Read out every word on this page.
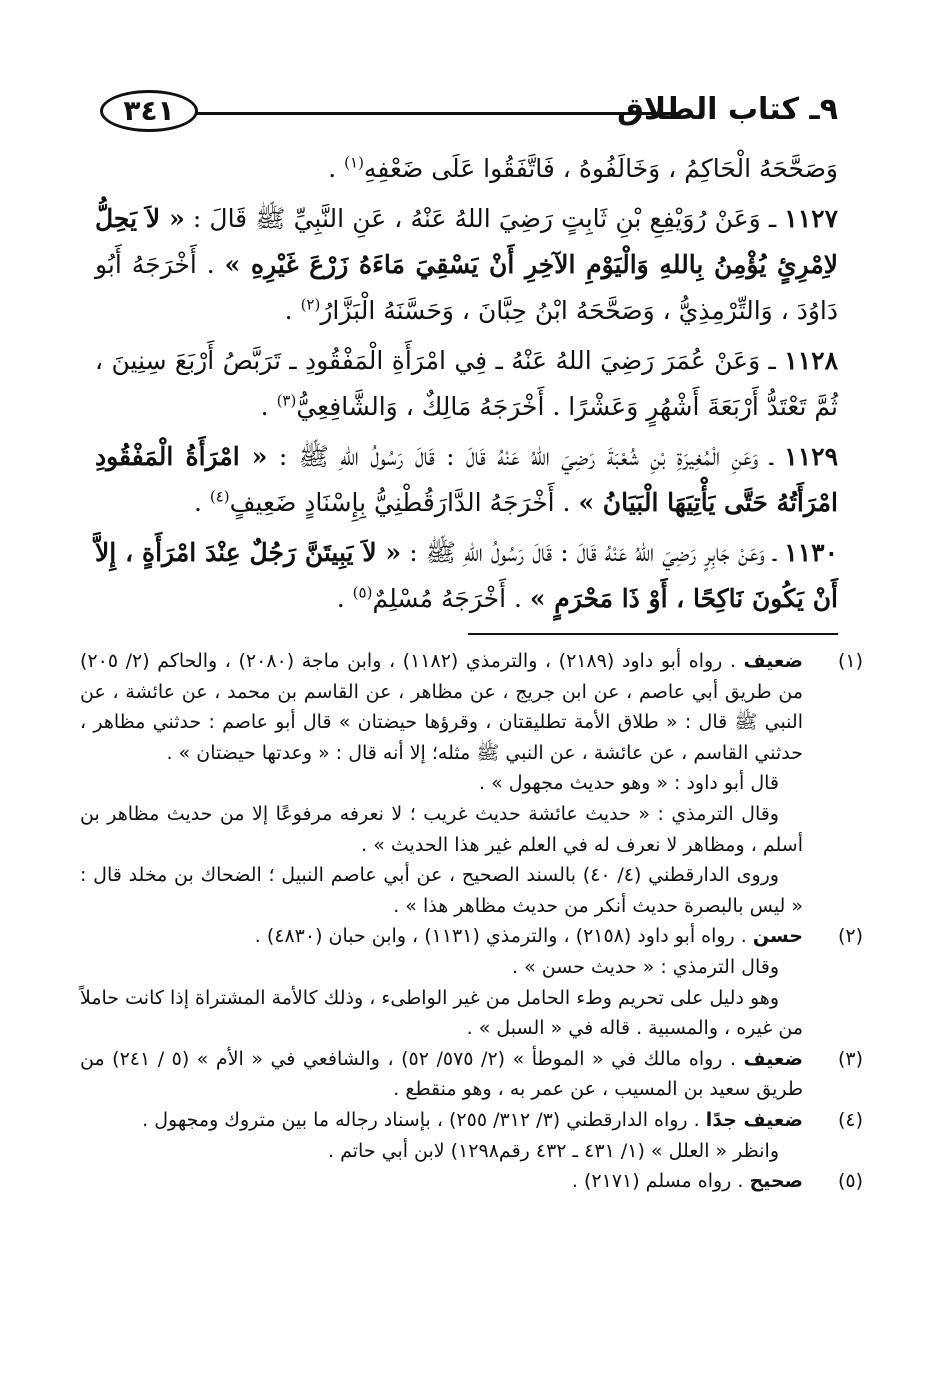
٩ـ كتاب الطلاق
٣٤١

وَصَحَّحَهُ الْحَاكِمُ ، وَخَالَفُوهُ ، فَاتَّفَقُوا عَلَى ضَعْفِهِ$^{(١)}$ .

١١٢٧ ـ وَعَنْ رُوَيْفِعِ بْنِ ثَابِتٍ رَضِيَ اللهُ عَنْهُ ، عَنِ النَّبِيِّ ﷺ قَالَ : « لاَ يَحِلُّ لاِمْرِئٍ يُؤْمِنُ بِاللهِ وَالْيَوْمِ الآخِرِ أَنْ يَسْقِيَ مَاءَهُ زَرْعَ غَيْرِهِ » . أَخْرَجَهُ أَبُو دَاوُدَ ، وَالتِّرْمِذِيُّ ، وَصَحَّحَهُ ابْنُ حِبَّانَ ، وَحَسَّنَهُ الْبَزَّارُ$^{(٢)}$ .

١١٢٨ ـ وَعَنْ عُمَرَ رَضِيَ اللهُ عَنْهُ ـ فِي امْرَأَةِ الْمَفْقُودِ ـ تَرَبَّصُ أَرْبَعَ سِنِينَ ، ثُمَّ تَعْتَدُّ أَرْبَعَةَ أَشْهُرٍ وَعَشْرًا . أَخْرَجَهُ مَالِكٌ ، وَالشَّافِعِيُّ$^{(٣)}$ .

١١٢٩ ـ وَعَنِ الْمُغِيرَةِ بْنِ شُعْبَةَ رَضِيَ اللهُ عَنْهُ قَالَ : قَالَ رَسُولُ اللهِ ﷺ : « امْرَأَةُ الْمَفْقُودِ امْرَأَتُهُ حَتَّى يَأْتِيَهَا الْبَيَانُ » . أَخْرَجَهُ الدَّارَقُطْنِيُّ بِإِسْنَادٍ ضَعِيفٍ$^{(٤)}$ .

١١٣٠ ـ وَعَنْ جَابِرٍ رَضِيَ اللهُ عَنْهُ قَالَ : قَالَ رَسُولُ اللهِ ﷺ : « لاَ يَبِيتَنَّ رَجُلٌ عِنْدَ امْرَأَةٍ ، إِلاَّ أَنْ يَكُونَ نَاكِحًا ، أَوْ ذَا مَحْرَمٍ » . أَخْرَجَهُ مُسْلِمٌ$^{(٥)}$ .

(١)

ضعيف . رواه أبو داود (٢١٨٩) ، والترمذي (١١٨٢) ، وابن ماجة (٢٠٨٠) ، والحاكم (٢/ ٢٠٥) من طريق أبي عاصم ، عن ابن جريج ، عن مظاهر ، عن القاسم بن محمد ، عن عائشة ، عن النبي ﷺ قال : « طلاق الأمة تطليقتان ، وقرؤها حيضتان » قال أبو عاصم : حدثني مظاهر ، حدثني القاسم ، عن عائشة ، عن النبي ﷺ مثله؛ إلا أنه قال : « وعدتها حيضتان » .

قال أبو داود : « وهو حديث مجهول » .

وقال الترمذي : « حديث عائشة حديث غريب ؛ لا نعرفه مرفوعًا إلا من حديث مظاهر بن أسلم ، ومظاهر لا نعرف له في العلم غير هذا الحديث » .

وروى الدارقطني (٤/ ٤٠) بالسند الصحيح ، عن أبي عاصم النبيل ؛ الضحاك بن مخلد قال : « ليس بالبصرة حديث أنكر من حديث مظاهر هذا » .

(٢)

حسن . رواه أبو داود (٢١٥٨) ، والترمذي (١١٣١) ، وابن حبان (٤٨٣٠) .

وقال الترمذي : « حديث حسن » .

وهو دليل على تحريم وطء الحامل من غير الواطىء ، وذلك كالأمة المشتراة إذا كانت حاملاً من غيره ، والمسبية . قاله في « السبل » .

(٣)

ضعيف . رواه مالك في « الموطأ » (٢/ ٥٧٥/ ٥٢) ، والشافعي في « الأم » (٥ / ٢٤١) من طريق سعيد بن المسيب ، عن عمر به ، وهو منقطع .

(٤)

ضعيف جدًا . رواه الدارقطني (٣/ ٣١٢/ ٢٥٥) ، بإسناد رجاله ما بين متروك ومجهول .

وانظر « العلل » (١/ ٤٣١ ـ ٤٣٢ رقم١٢٩٨) لابن أبي حاتم .

(٥)

صحيح . رواه مسلم (٢١٧١) .
